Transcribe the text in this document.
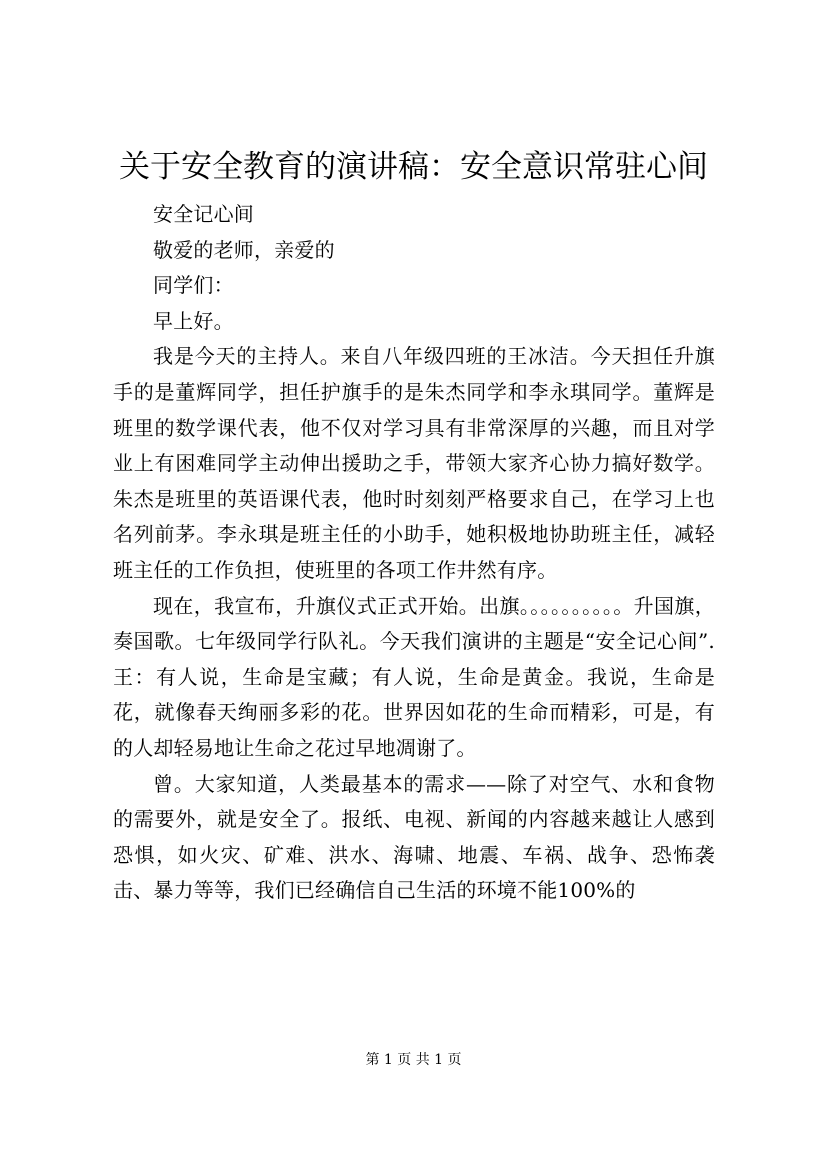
关于安全教育的演讲稿：安全意识常驻心间

安全记心间

敬爱的老师，亲爱的

同学们：

早上好。

我是今天的主持人。来自八年级四班的王冰洁。今天担任升旗手的是董辉同学，担任护旗手的是朱杰同学和李永琪同学。董辉是班里的数学课代表，他不仅对学习具有非常深厚的兴趣，而且对学业上有困难同学主动伸出援助之手，带领大家齐心协力搞好数学。朱杰是班里的英语课代表，他时时刻刻严格要求自己，在学习上也名列前茅。李永琪是班主任的小助手，她积极地协助班主任，减轻班主任的工作负担，使班里的各项工作井然有序。

现在，我宣布，升旗仪式正式开始。出旗。。。。。。。。。。升国旗，奏国歌。七年级同学行队礼。今天我们演讲的主题是“安全记心间”.王：有人说，生命是宝藏；有人说，生命是黄金。我说，生命是花，就像春天绚丽多彩的花。世界因如花的生命而精彩，可是，有的人却轻易地让生命之花过早地凋谢了。

曾。大家知道，人类最基本的需求——除了对空气、水和食物的需要外，就是安全了。报纸、电视、新闻的内容越来越让人感到恐惧，如火灾、矿难、洪水、海啸、地震、车祸、战争、恐怖袭击、暴力等等，我们已经确信自己生活的环境不能100%的

第 1 页 共 1 页
